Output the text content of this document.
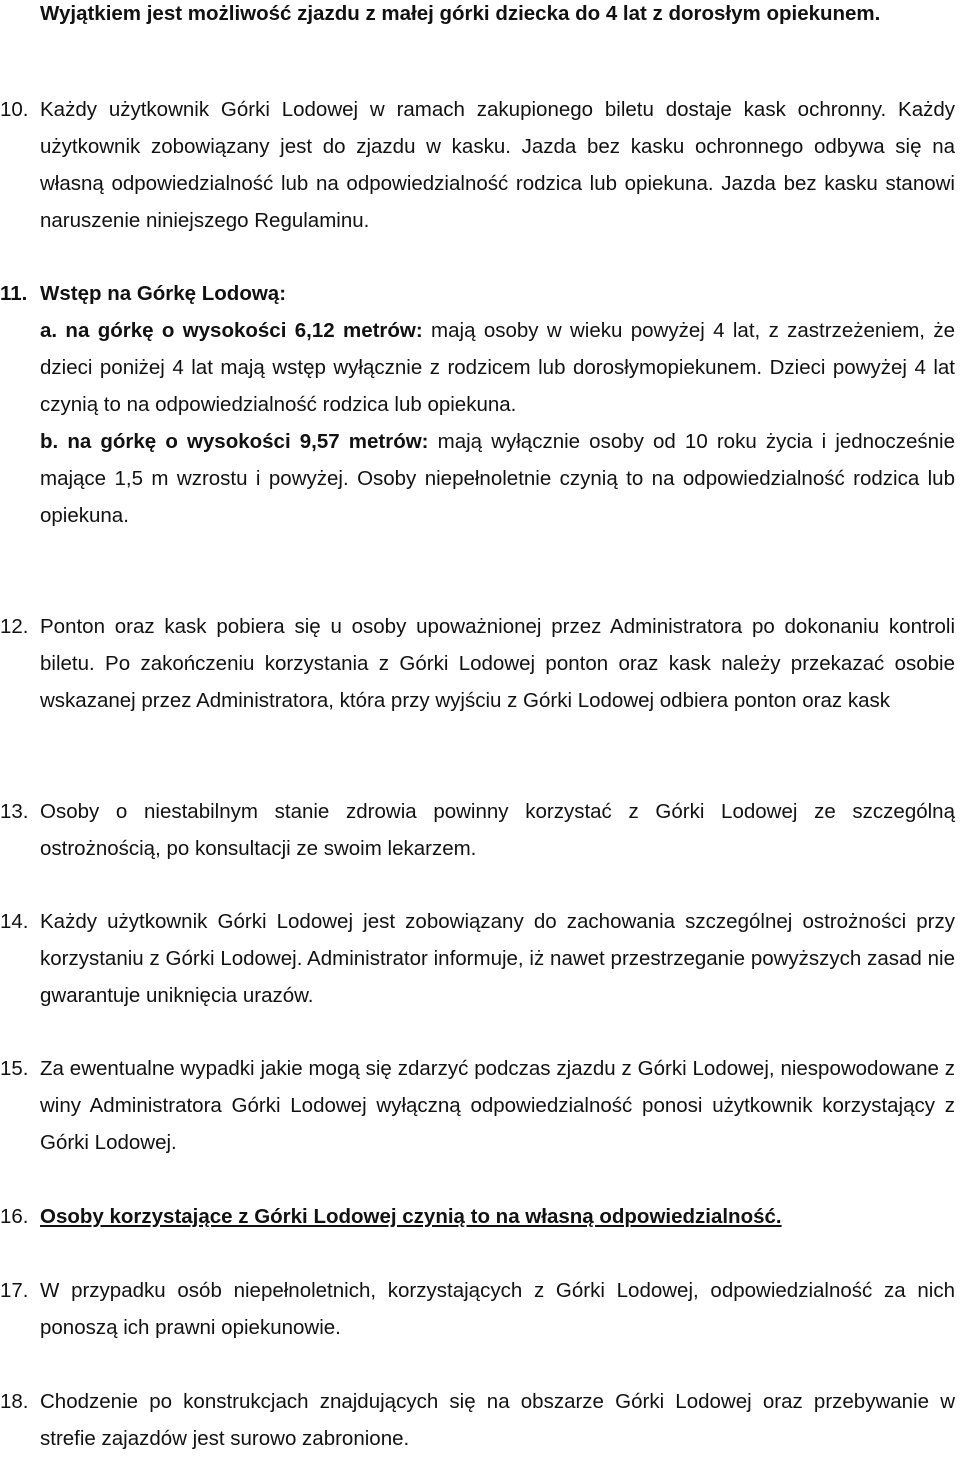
Wyjątkiem jest możliwość zjazdu z małej górki dziecka do 4 lat z dorosłym opiekunem.

10. Każdy użytkownik Górki Lodowej w ramach zakupionego biletu dostaje kask ochronny. Każdy użytkownik zobowiązany jest do zjazdu w kasku. Jazda bez kasku ochronnego odbywa się na własną odpowiedzialność lub na odpowiedzialność rodzica lub opiekuna. Jazda bez kasku stanowi naruszenie niniejszego Regulaminu.
11. Wstęp na Górkę Lodową:
a. na górkę o wysokości 6,12 metrów: mają osoby w wieku powyżej 4 lat, z zastrzeżeniem, że dzieci poniżej 4 lat mają wstęp wyłącznie z rodzicem lub dorosłymopiekunem. Dzieci powyżej 4 lat czynią to na odpowiedzialność rodzica lub opiekuna.
b. na górkę o wysokości 9,57 metrów: mają wyłącznie osoby od 10 roku życia i jednocześnie mające 1,5 m wzrostu i powyżej. Osoby niepełnoletnie czynią to na odpowiedzialność rodzica lub opiekuna.
12. Ponton oraz kask pobiera się u osoby upoważnionej przez Administratora po dokonaniu kontroli biletu. Po zakończeniu korzystania z Górki Lodowej ponton oraz kask należy przekazać osobie wskazanej przez Administratora, która przy wyjściu z Górki Lodowej odbiera ponton oraz kask
13. Osoby o niestabilnym stanie zdrowia powinny korzystać z Górki Lodowej ze szczególną ostrożnością, po konsultacji ze swoim lekarzem.
14. Każdy użytkownik Górki Lodowej jest zobowiązany do zachowania szczególnej ostrożności przy korzystaniu z Górki Lodowej. Administrator informuje, iż nawet przestrzeganie powyższych zasad nie gwarantuje uniknięcia urazów.
15. Za ewentualne wypadki jakie mogą się zdarzyć podczas zjazdu z Górki Lodowej, niespowodowane z winy Administratora Górki Lodowej wyłączną odpowiedzialność ponosi użytkownik korzystający z Górki Lodowej.
16. Osoby korzystające z Górki Lodowej czynią to na własną odpowiedzialność.
17. W przypadku osób niepełnoletnich, korzystających z Górki Lodowej, odpowiedzialność za nich ponoszą ich prawni opiekunowie.
18. Chodzenie po konstrukcjach znajdujących się na obszarze Górki Lodowej oraz przebywanie w strefie zajazdów jest surowo zabronione.
